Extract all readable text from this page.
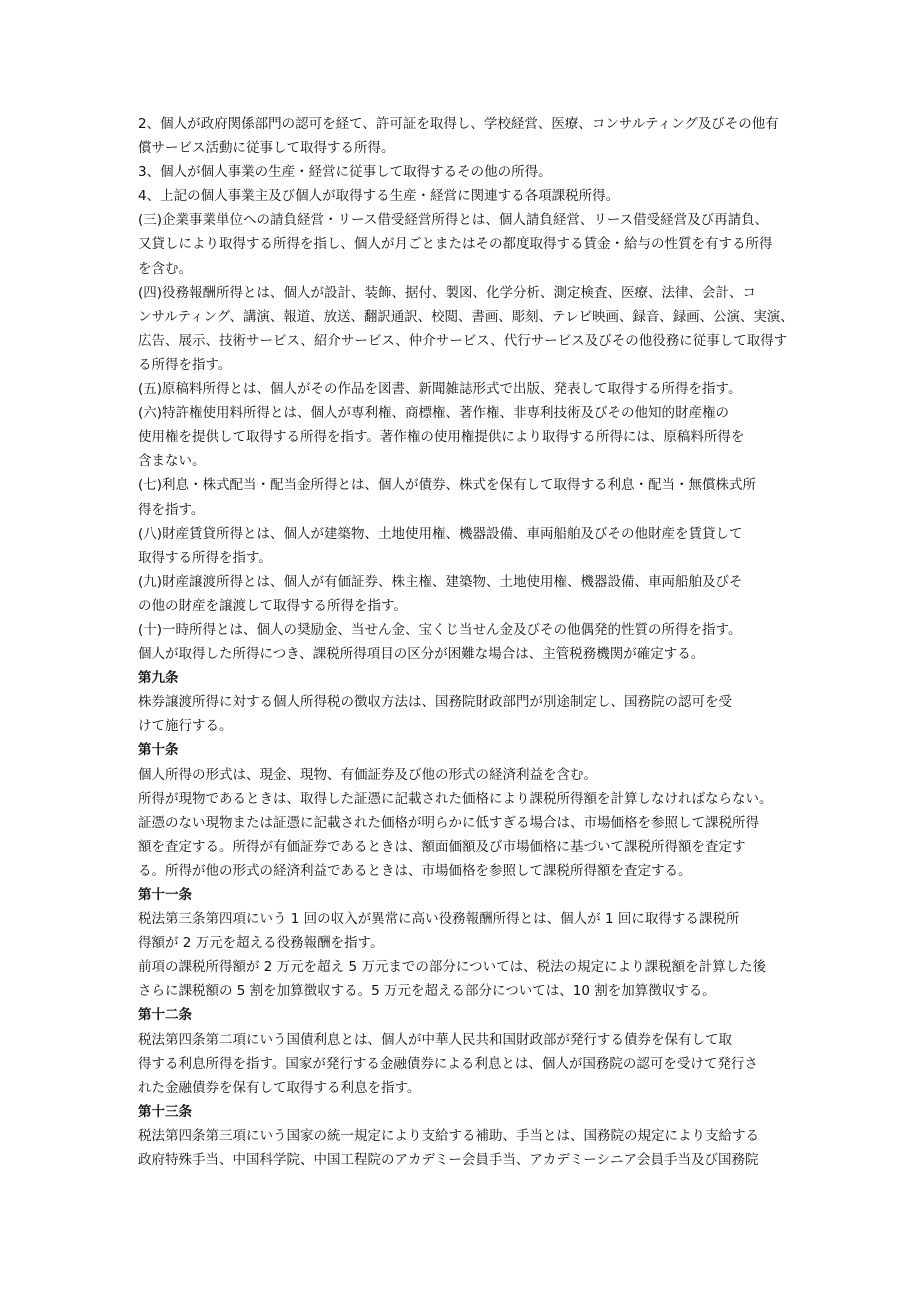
2、個人が政府関係部門の認可を経て、許可証を取得し、学校経営、医療、コンサルティング及びその他有
償サービス活動に従事して取得する所得。
3、個人が個人事業の生産・経営に従事して取得するその他の所得。
4、上記の個人事業主及び個人が取得する生産・経営に関連する各項課税所得。
(三)企業事業単位への請負経営・リース借受経営所得とは、個人請負経営、リース借受経営及び再請負、
又貸しにより取得する所得を指し、個人が月ごとまたはその都度取得する賃金・給与の性質を有する所得
を含む。
(四)役務報酬所得とは、個人が設計、装飾、据付、製図、化学分析、測定検査、医療、法律、会計、コ
ンサルティング、講演、報道、放送、翻訳通訳、校閲、書画、彫刻、テレビ映画、録音、録画、公演、実演、
広告、展示、技術サービス、紹介サービス、仲介サービス、代行サービス及びその他役務に従事して取得す
る所得を指す。
(五)原稿料所得とは、個人がその作品を図書、新聞雑誌形式で出版、発表して取得する所得を指す。
(六)特許権使用料所得とは、個人が専利権、商標権、著作権、非専利技術及びその他知的財産権の
使用権を提供して取得する所得を指す。著作権の使用権提供により取得する所得には、原稿料所得を
含まない。
(七)利息・株式配当・配当金所得とは、個人が債券、株式を保有して取得する利息・配当・無償株式所
得を指す。
(八)財産賃貸所得とは、個人が建築物、土地使用権、機器設備、車両船舶及びその他財産を賃貸して
取得する所得を指す。
(九)財産譲渡所得とは、個人が有価証券、株主権、建築物、土地使用権、機器設備、車両船舶及びそ
の他の財産を譲渡して取得する所得を指す。
(十)一時所得とは、個人の奨励金、当せん金、宝くじ当せん金及びその他偶発的性質の所得を指す。
個人が取得した所得につき、課税所得項目の区分が困難な場合は、主管税務機関が確定する。
第九条
株券譲渡所得に対する個人所得税の徴収方法は、国務院財政部門が別途制定し、国務院の認可を受
けて施行する。
第十条
個人所得の形式は、現金、現物、有価証券及び他の形式の経済利益を含む。
所得が現物であるときは、取得した証憑に記載された価格により課税所得額を計算しなければならない。
証憑のない現物または証憑に記載された価格が明らかに低すぎる場合は、市場価格を参照して課税所得
額を査定する。所得が有価証券であるときは、額面価額及び市場価格に基づいて課税所得額を査定す
る。所得が他の形式の経済利益であるときは、市場価格を参照して課税所得額を査定する。
第十一条
税法第三条第四項にいう 1 回の収入が異常に高い役務報酬所得とは、個人が 1 回に取得する課税所
得額が 2 万元を超える役務報酬を指す。
前項の課税所得額が 2 万元を超え 5 万元までの部分については、税法の規定により課税額を計算した後
さらに課税額の 5 割を加算徴収する。5 万元を超える部分については、10 割を加算徴収する。
第十二条
税法第四条第二項にいう国債利息とは、個人が中華人民共和国財政部が発行する債券を保有して取
得する利息所得を指す。国家が発行する金融債券による利息とは、個人が国務院の認可を受けて発行さ
れた金融債券を保有して取得する利息を指す。
第十三条
税法第四条第三項にいう国家の統一規定により支給する補助、手当とは、国務院の規定により支給する
政府特殊手当、中国科学院、中国工程院のアカデミー会員手当、アカデミーシニア会員手当及び国務院
